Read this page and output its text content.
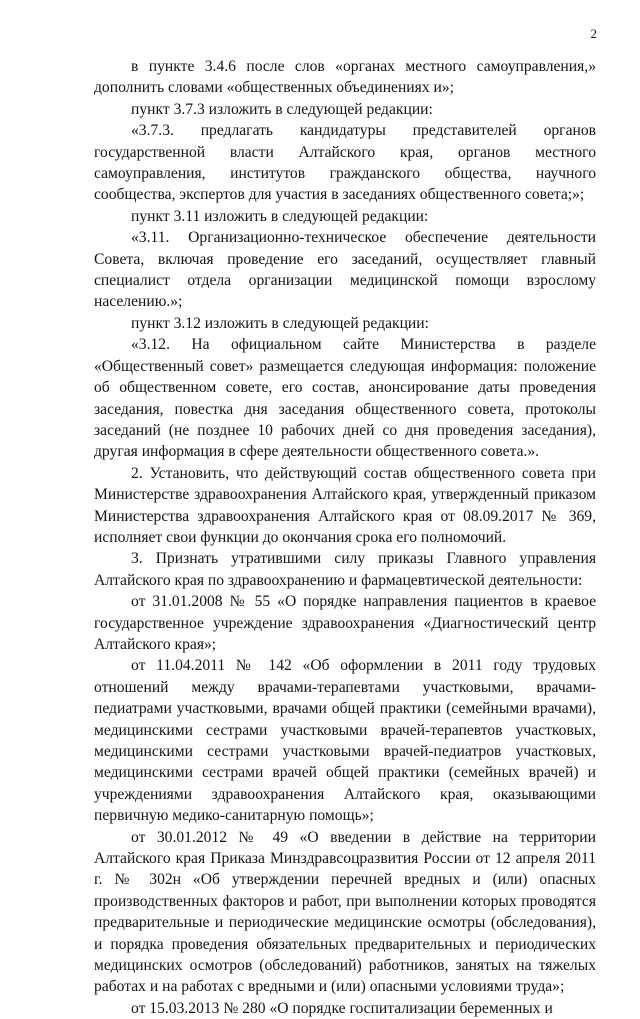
2

в пункте 3.4.6 после слов «органах местного самоуправления,» дополнить словами «общественных объединениях и»;

пункт 3.7.3 изложить в следующей редакции:

«3.7.3. предлагать кандидатуры представителей органов государственной власти Алтайского края, органов местного самоуправления, институтов гражданского общества, научного сообщества, экспертов для участия в заседаниях общественного совета;»;

пункт 3.11 изложить в следующей редакции:

«3.11. Организационно-техническое обеспечение деятельности Совета, включая проведение его заседаний, осуществляет главный специалист отдела организации медицинской помощи взрослому населению.»;

пункт 3.12 изложить в следующей редакции:

«3.12. На официальном сайте Министерства в разделе «Общественный совет» размещается следующая информация: положение об общественном совете, его состав, анонсирование даты проведения заседания, повестка дня заседания общественного совета, протоколы заседаний (не позднее 10 рабочих дней со дня проведения заседания), другая информация в сфере деятельности общественного совета.».

2. Установить, что действующий состав общественного совета при Министерстве здравоохранения Алтайского края, утвержденный приказом Министерства здравоохранения Алтайского края от 08.09.2017 № 369, исполняет свои функции до окончания срока его полномочий.

3. Признать утратившими силу приказы Главного управления Алтайского края по здравоохранению и фармацевтической деятельности:

от 31.01.2008 № 55 «О порядке направления пациентов в краевое государственное учреждение здравоохранения «Диагностический центр Алтайского края»;

от 11.04.2011 № 142 «Об оформлении в 2011 году трудовых отношений между врачами-терапевтами участковыми, врачами-педиатрами участковыми, врачами общей практики (семейными врачами), медицинскими сестрами участковыми врачей-терапевтов участковых, медицинскими сестрами участковыми врачей-педиатров участковых, медицинскими сестрами врачей общей практики (семейных врачей) и учреждениями здравоохранения Алтайского края, оказывающими первичную медико-санитарную помощь»;

от 30.01.2012 № 49 «О введении в действие на территории Алтайского края Приказа Минздравсоцразвития России от 12 апреля 2011 г. № 302н «Об утверждении перечней вредных и (или) опасных производственных факторов и работ, при выполнении которых проводятся предварительные и периодические медицинские осмотры (обследования), и порядка проведения обязательных предварительных и периодических медицинских осмотров (обследований) работников, занятых на тяжелых работах и на работах с вредными и (или) опасными условиями труда»;

от 15.03.2013 № 280 «О порядке госпитализации беременных и
